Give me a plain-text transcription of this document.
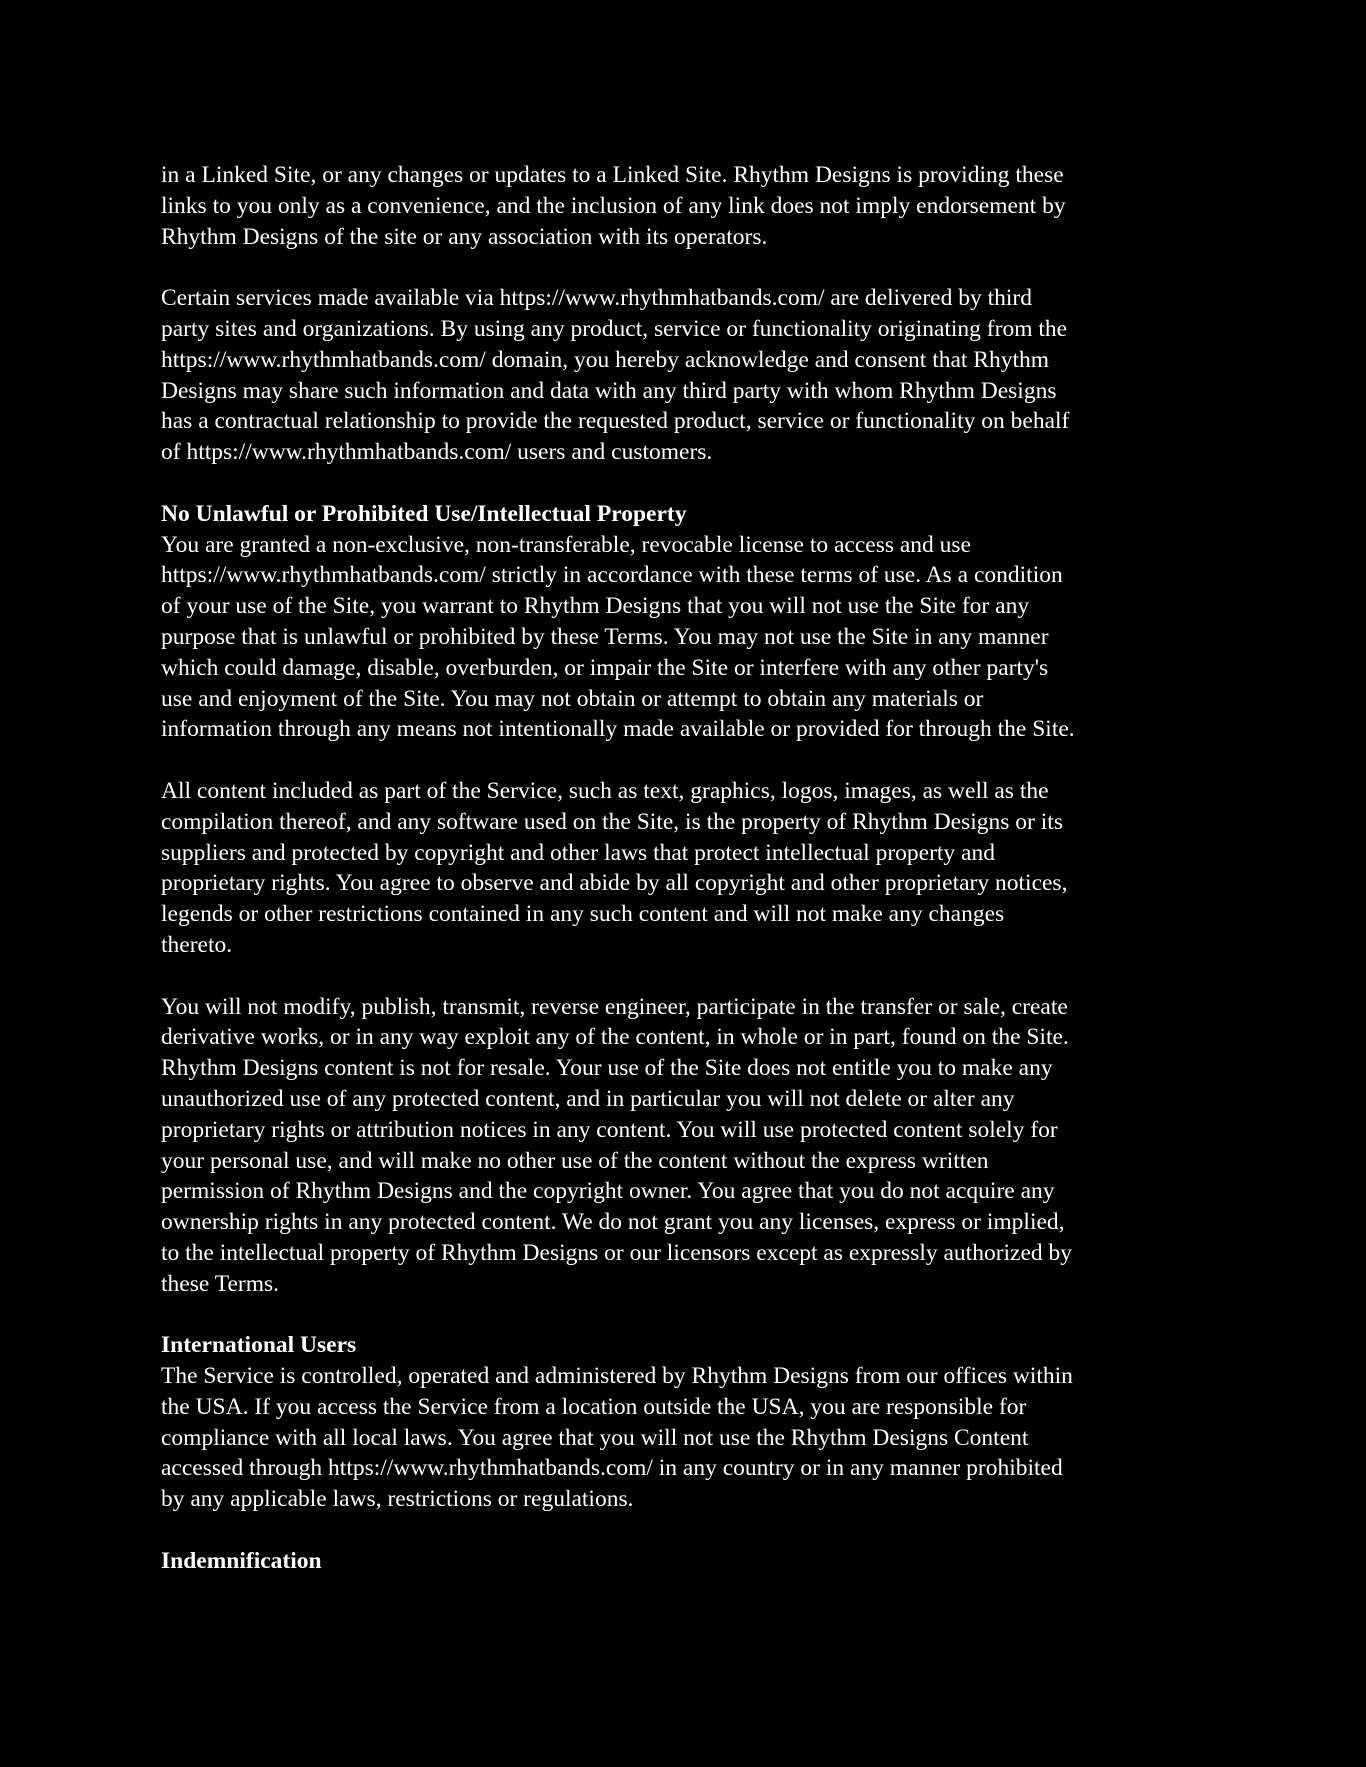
in a Linked Site, or any changes or updates to a Linked Site. Rhythm Designs is providing these
links to you only as a convenience, and the inclusion of any link does not imply endorsement by
Rhythm Designs of the site or any association with its operators.
Certain services made available via https://www.rhythmhatbands.com/ are delivered by third
party sites and organizations. By using any product, service or functionality originating from the
https://www.rhythmhatbands.com/ domain, you hereby acknowledge and consent that Rhythm
Designs may share such information and data with any third party with whom Rhythm Designs
has a contractual relationship to provide the requested product, service or functionality on behalf
of https://www.rhythmhatbands.com/ users and customers.
No Unlawful or Prohibited Use/Intellectual Property
You are granted a non-exclusive, non-transferable, revocable license to access and use
https://www.rhythmhatbands.com/ strictly in accordance with these terms of use. As a condition
of your use of the Site, you warrant to Rhythm Designs that you will not use the Site for any
purpose that is unlawful or prohibited by these Terms. You may not use the Site in any manner
which could damage, disable, overburden, or impair the Site or interfere with any other party's
use and enjoyment of the Site. You may not obtain or attempt to obtain any materials or
information through any means not intentionally made available or provided for through the Site.
All content included as part of the Service, such as text, graphics, logos, images, as well as the
compilation thereof, and any software used on the Site, is the property of Rhythm Designs or its
suppliers and protected by copyright and other laws that protect intellectual property and
proprietary rights. You agree to observe and abide by all copyright and other proprietary notices,
legends or other restrictions contained in any such content and will not make any changes
thereto.
You will not modify, publish, transmit, reverse engineer, participate in the transfer or sale, create
derivative works, or in any way exploit any of the content, in whole or in part, found on the Site.
Rhythm Designs content is not for resale. Your use of the Site does not entitle you to make any
unauthorized use of any protected content, and in particular you will not delete or alter any
proprietary rights or attribution notices in any content. You will use protected content solely for
your personal use, and will make no other use of the content without the express written
permission of Rhythm Designs and the copyright owner. You agree that you do not acquire any
ownership rights in any protected content. We do not grant you any licenses, express or implied,
to the intellectual property of Rhythm Designs or our licensors except as expressly authorized by
these Terms.
International Users
The Service is controlled, operated and administered by Rhythm Designs from our offices within
the USA. If you access the Service from a location outside the USA, you are responsible for
compliance with all local laws. You agree that you will not use the Rhythm Designs Content
accessed through https://www.rhythmhatbands.com/ in any country or in any manner prohibited
by any applicable laws, restrictions or regulations.
Indemnification
